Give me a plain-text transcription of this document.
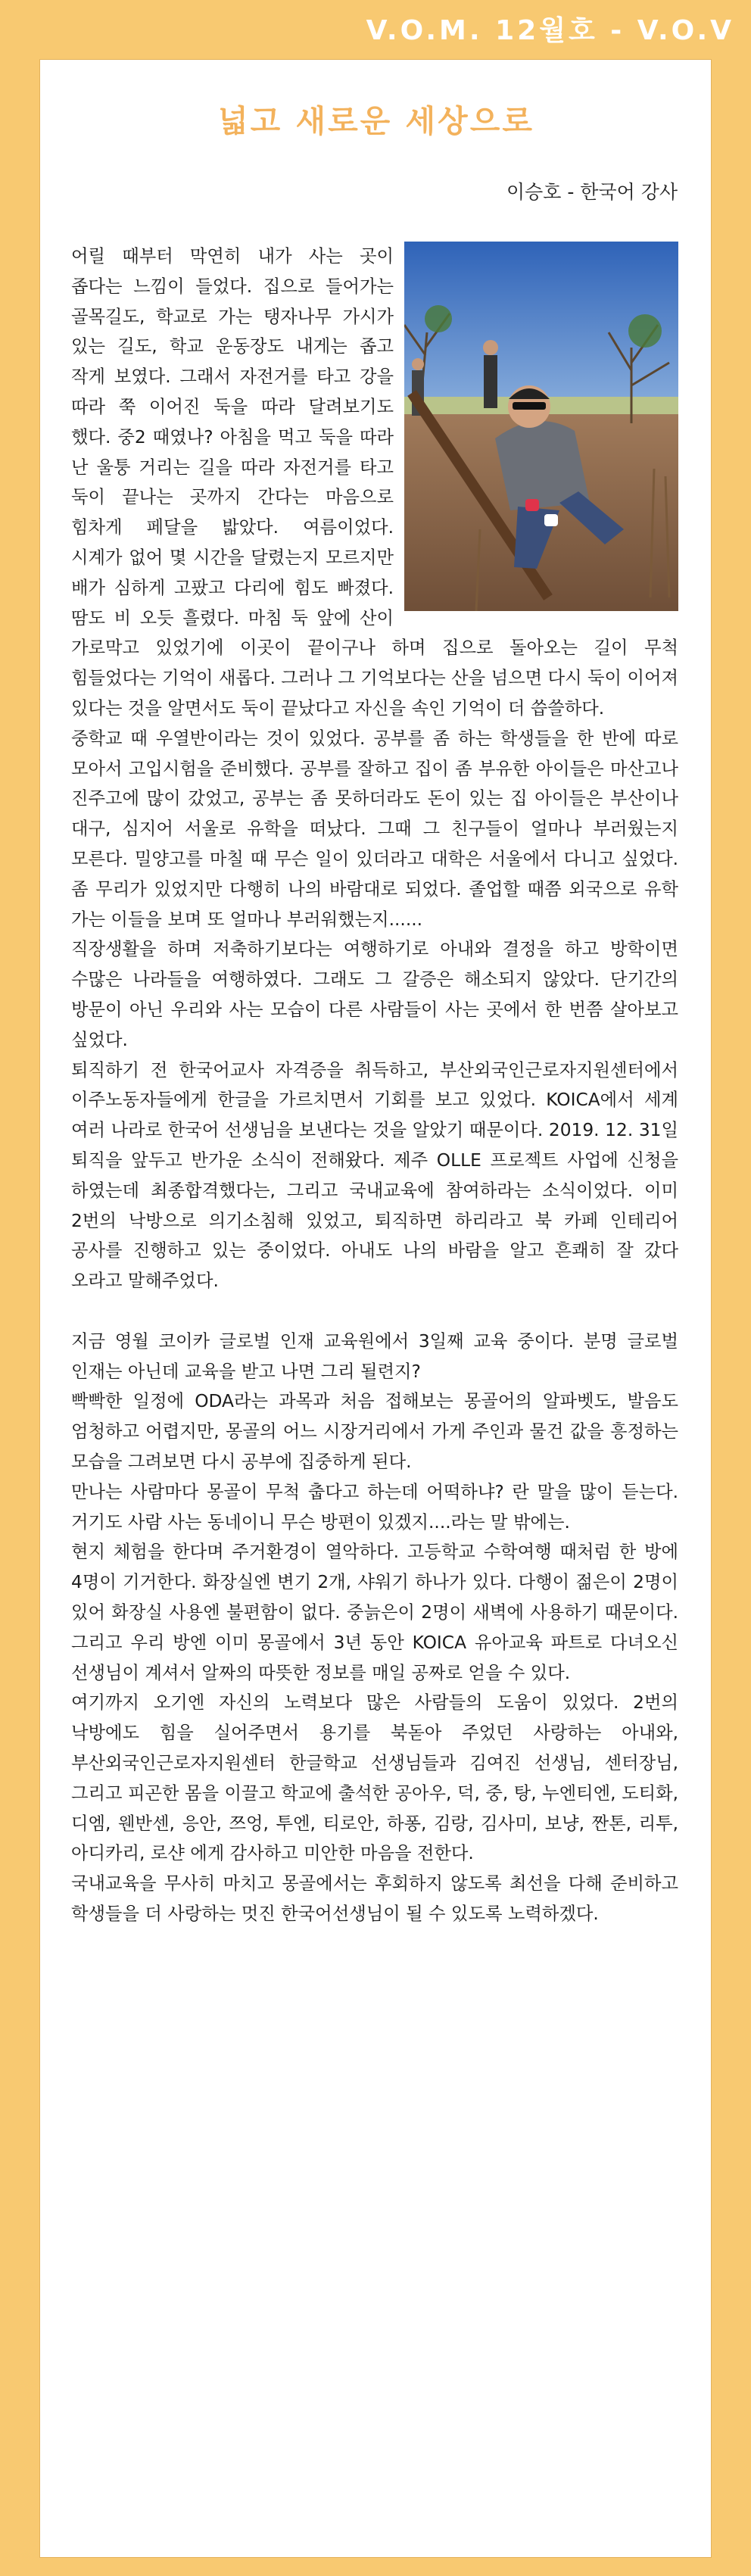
V.O.M. 12월호 - V.O.V
넓고 새로운 세상으로
이승호 - 한국어 강사

어릴 때부터 막연히 내가 사는 곳이 좁다는 느낌이 들었다. 집으로 들어가는 골목길도, 학교로 가는 탱자나무 가시가 있는 길도, 학교 운동장도 내게는 좁고 작게 보였다. 그래서 자전거를 타고 강을 따라 쭉 이어진 둑을 따라 달려보기도 했다. 중2 때였나? 아침을 먹고 둑을 따라 난 울퉁 거리는 길을 따라 자전거를 타고 둑이 끝나는 곳까지 간다는 마음으로 힘차게 페달을 밟았다. 여름이었다. 시계가 없어 몇 시간을 달렸는지 모르지만 배가 심하게 고팠고 다리에 힘도 빠졌다. 땀도 비 오듯 흘렸다. 마침 둑 앞에 산이 가로막고 있었기에 이곳이 끝이구나 하며 집으로 돌아오는 길이 무척 힘들었다는 기억이 새롭다. 그러나 그 기억보다는 산을 넘으면 다시 둑이 이어져 있다는 것을 알면서도 둑이 끝났다고 자신을 속인 기억이 더 씁쓸하다.

중학교 때 우열반이라는 것이 있었다. 공부를 좀 하는 학생들을 한 반에 따로 모아서 고입시험을 준비했다. 공부를 잘하고 집이 좀 부유한 아이들은 마산고나 진주고에 많이 갔었고, 공부는 좀 못하더라도 돈이 있는 집 아이들은 부산이나 대구, 심지어 서울로 유학을 떠났다. 그때 그 친구들이 얼마나 부러웠는지 모른다. 밀양고를 마칠 때 무슨 일이 있더라고 대학은 서울에서 다니고 싶었다. 좀 무리가 있었지만 다행히 나의 바람대로 되었다. 졸업할 때쯤 외국으로 유학 가는 이들을 보며 또 얼마나 부러워했는지......

직장생활을 하며 저축하기보다는 여행하기로 아내와 결정을 하고 방학이면 수많은 나라들을 여행하였다. 그래도 그 갈증은 해소되지 않았다. 단기간의 방문이 아닌 우리와 사는 모습이 다른 사람들이 사는 곳에서 한 번쯤 살아보고 싶었다.

퇴직하기 전 한국어교사 자격증을 취득하고, 부산외국인근로자지원센터에서 이주노동자들에게 한글을 가르치면서 기회를 보고 있었다. KOICA에서 세계 여러 나라로 한국어 선생님을 보낸다는 것을 알았기 때문이다. 2019. 12. 31일 퇴직을 앞두고 반가운 소식이 전해왔다. 제주 OLLE 프로젝트 사업에 신청을 하였는데 최종합격했다는, 그리고 국내교육에 참여하라는 소식이었다. 이미 2번의 낙방으로 의기소침해 있었고, 퇴직하면 하리라고 북 카페 인테리어 공사를 진행하고 있는 중이었다. 아내도 나의 바람을 알고 흔쾌히 잘 갔다 오라고 말해주었다.

지금 영월 코이카 글로벌 인재 교육원에서 3일째 교육 중이다. 분명 글로벌 인재는 아닌데 교육을 받고 나면 그리 될련지?

빡빡한 일정에 ODA라는 과목과 처음 접해보는 몽골어의 알파벳도, 발음도 엄청하고 어렵지만, 몽골의 어느 시장거리에서 가게 주인과 물건 값을 흥정하는 모습을 그려보면 다시 공부에 집중하게 된다.

만나는 사람마다 몽골이 무척 춥다고 하는데 어떡하냐? 란 말을 많이 듣는다. 거기도 사람 사는 동네이니 무슨 방편이 있겠지....라는 말 밖에는.

현지 체험을 한다며 주거환경이 열악하다. 고등학교 수학여행 때처럼 한 방에 4명이 기거한다. 화장실엔 변기 2개, 샤워기 하나가 있다. 다행이 젊은이 2명이 있어 화장실 사용엔 불편함이 없다. 중늙은이 2명이 새벽에 사용하기 때문이다. 그리고 우리 방엔 이미 몽골에서 3년 동안 KOICA 유아교육 파트로 다녀오신 선생님이 계셔서 알짜의 따뜻한 정보를 매일 공짜로 얻을 수 있다.

여기까지 오기엔 자신의 노력보다 많은 사람들의 도움이 있었다. 2번의 낙방에도 힘을 실어주면서 용기를 북돋아 주었던 사랑하는 아내와, 부산외국인근로자지원센터 한글학교 선생님들과 김여진 선생님, 센터장님, 그리고 피곤한 몸을 이끌고 학교에 출석한 공아우, 덕, 중, 탕, 누엔티엔, 도티화, 디엠, 웬반센, 응안, 쯔엉, 투엔, 티로안, 하퐁, 김랑, 김사미, 보냥, 짠톤, 리투, 아디카리, 로샨 에게 감사하고 미안한 마음을 전한다.

국내교육을 무사히 마치고 몽골에서는 후회하지 않도록 최선을 다해 준비하고 학생들을 더 사랑하는 멋진 한국어선생님이 될 수 있도록 노력하겠다.
